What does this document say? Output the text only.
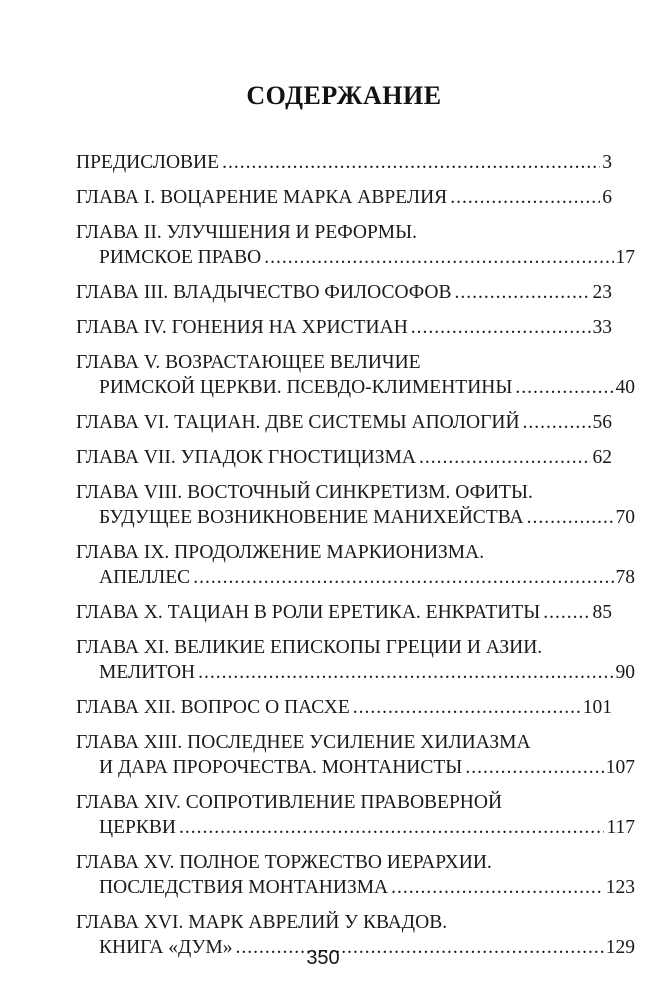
СОДЕРЖАНИЕ
ПРЕДИСЛОВИЕ .....	3
ГЛАВА I. ВОЦАРЕНИЕ МАРКА АВРЕЛИЯ .....	6
ГЛАВА II. УЛУЧШЕНИЯ И РЕФОРМЫ.
РИМСКОЕ ПРАВО .....	17
ГЛАВА III. ВЛАДЫЧЕСТВО ФИЛОСОФОВ .....	23
ГЛАВА IV. ГОНЕНИЯ НА ХРИСТИАН .....	33
ГЛАВА V. ВОЗРАСТАЮЩЕЕ ВЕЛИЧИЕ
РИМСКОЙ ЦЕРКВИ. ПСЕВДО-КЛИМЕНТИНЫ .....	40
ГЛАВА VI. ТАЦИАН. ДВЕ СИСТЕМЫ АПОЛОГИЙ .....	56
ГЛАВА VII. УПАДОК ГНОСТИЦИЗМА .....	62
ГЛАВА VIII. ВОСТОЧНЫЙ СИНКРЕТИЗМ. ОФИТЫ.
БУДУЩЕЕ ВОЗНИКНОВЕНИЕ МАНИХЕЙСТВА .....	70
ГЛАВА IX. ПРОДОЛЖЕНИЕ МАРКИОНИЗМА.
АПЕЛЛЕС .....	78
ГЛАВА X. ТАЦИАН В РОЛИ ЕРЕТИКА. ЕНКРАТИТЫ .....	85
ГЛАВА XI. ВЕЛИКИЕ ЕПИСКОПЫ ГРЕЦИИ И АЗИИ.
МЕЛИТОН .....	90
ГЛАВА XII. ВОПРОС О ПАСХЕ .....	101
ГЛАВА XIII. ПОСЛЕДНЕЕ УСИЛЕНИЕ ХИЛИАЗМА
И ДАРА ПРОРОЧЕСТВА. МОНТАНИСТЫ .....	107
ГЛАВА XIV. СОПРОТИВЛЕНИЕ ПРАВОВЕРНОЙ
ЦЕРКВИ .....	117
ГЛАВА XV. ПОЛНОЕ ТОРЖЕСТВО ИЕРАРХИИ.
ПОСЛЕДСТВИЯ МОНТАНИЗМА .....	123
ГЛАВА XVI. МАРК АВРЕЛИЙ У КВАДОВ.
КНИГА «ДУМ» .....	129
350
